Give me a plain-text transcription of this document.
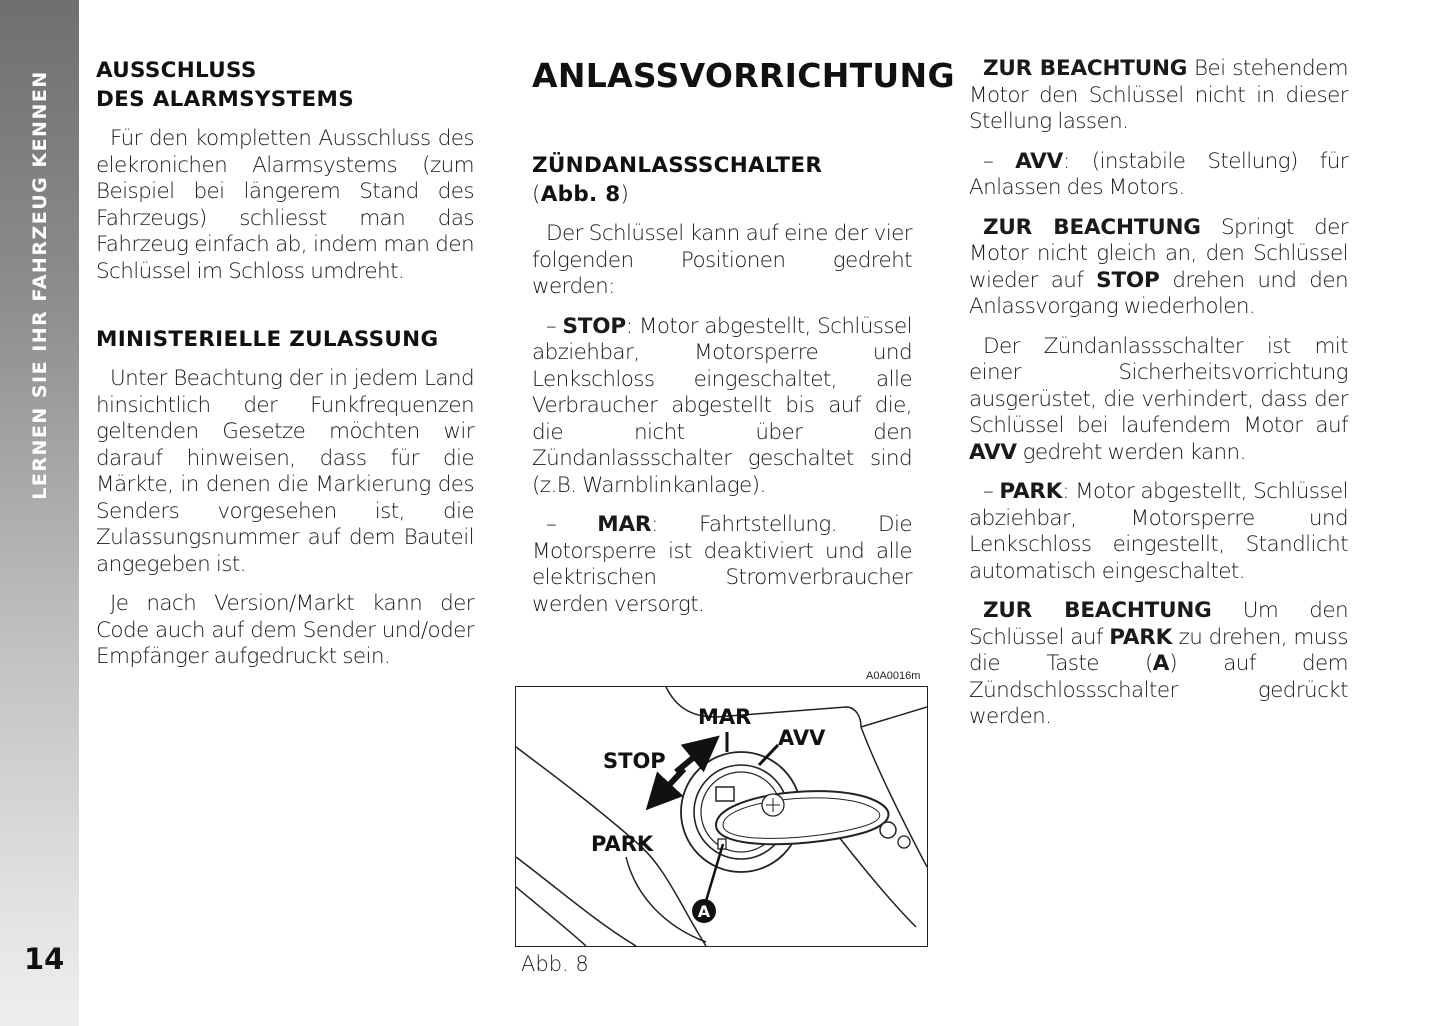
LERNEN SIE IHR FAHRZEUG KENNEN
14
AUSSCHLUSS
DES ALARMSYSTEMS

Für den kompletten Ausschluss des elekronichen Alarmsystems (zum Beispiel bei längerem Stand des Fahrzeugs) schliesst man das Fahrzeug einfach ab, indem man den Schlüssel im Schloss umdreht.

MINISTERIELLE ZULASSUNG

Unter Beachtung der in jedem Land hinsichtlich der Funkfrequenzen geltenden Gesetze möchten wir darauf hinweisen, dass für die Märkte, in denen die Markierung des Senders vorgesehen ist, die Zulassungsnummer auf dem Bauteil angegeben ist.

Je nach Version/Markt kann der Code auch auf dem Sender und/oder Empfänger aufgedruckt sein.

ANLASSVORRICHTUNG
ZÜNDANLASSSCHALTER
(Abb. 8)

Der Schlüssel kann auf eine der vier folgenden Positionen gedreht werden:

– STOP: Motor abgestellt, Schlüssel abziehbar, Motorsperre und Lenkschloss eingeschaltet, alle Verbraucher abgestellt bis auf die, die nicht über den Zündanlassschalter geschaltet sind (z.B. Warnblinkanlage).

– MAR: Fahrtstellung. Die Motorsperre ist deaktiviert und alle elektrischen Stromverbraucher werden versorgt.

ZUR BEACHTUNG Bei stehendem Motor den Schlüssel nicht in dieser Stellung lassen.

– AVV: (instabile Stellung) für Anlassen des Motors.

ZUR BEACHTUNG Springt der Motor nicht gleich an, den Schlüssel wieder auf STOP drehen und den Anlassvorgang wiederholen.

Der Zündanlassschalter ist mit einer Sicherheitsvorrichtung ausgerüstet, die verhindert, dass der Schlüssel bei laufendem Motor auf AVV gedreht werden kann.

– PARK: Motor abgestellt, Schlüssel abziehbar, Motorsperre und Lenkschloss eingestellt, Standlicht automatisch eingeschaltet.

ZUR BEACHTUNG Um den Schlüssel auf PARK zu drehen, muss die Taste (A) auf dem Zündschlossschalter gedrückt werden.

A0A0016m
A
MAR
AVV
STOP
PARK
Abb. 8
